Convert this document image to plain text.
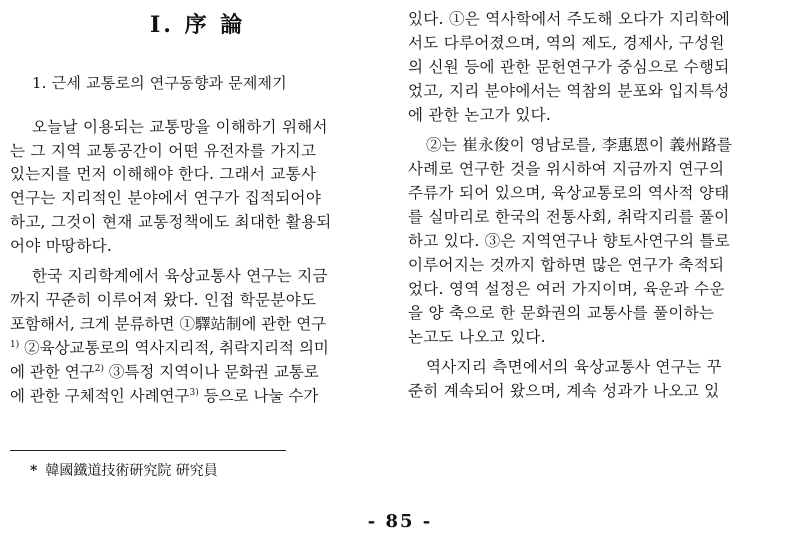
Ⅰ. 序 論
1. 근세 교통로의 연구동향과 문제제기
오늘날 이용되는 교통망을 이해하기 위해서
는 그 지역 교통공간이 어떤 유전자를 가지고
있는지를 먼저 이해해야 한다. 그래서 교통사
연구는 지리적인 분야에서 연구가 집적되어야
하고, 그것이 현재 교통정책에도 최대한 활용되
어야 마땅하다.
한국 지리학계에서 육상교통사 연구는 지금
까지 꾸준히 이루어져 왔다. 인접 학문분야도
포함해서, 크게 분류하면 ①驛站制에 관한 연구
$^{1)}$ ②육상교통로의 역사지리적, 취락지리적 의미
에 관한 연구$^{2)}$ ③특정 지역이나 문화권 교통로
에 관한 구체적인 사례연구$^{3)}$ 등으로 나눌 수가
있다. ①은 역사학에서 주도해 오다가 지리학에
서도 다루어졌으며, 역의 제도, 경제사, 구성원
의 신원 등에 관한 문헌연구가 중심으로 수행되
었고, 지리 분야에서는 역참의 분포와 입지특성
에 관한 논고가 있다.
②는 崔永俊이 영남로를, 李惠恩이 義州路를
사례로 연구한 것을 위시하여 지금까지 연구의
주류가 되어 있으며, 육상교통로의 역사적 양태
를 실마리로 한국의 전통사회, 취락지리를 풀이
하고 있다. ③은 지역연구나 향토사연구의 틀로
이루어지는 것까지 합하면 많은 연구가 축적되
었다. 영역 설정은 여러 가지이며, 육운과 수운
을 양 축으로 한 문화권의 교통사를 풀이하는
논고도 나오고 있다.
역사지리 측면에서의 육상교통사 연구는 꾸
준히 계속되어 왔으며, 계속 성과가 나오고 있
* 韓國鐵道技術硏究院 硏究員
- 85 -
